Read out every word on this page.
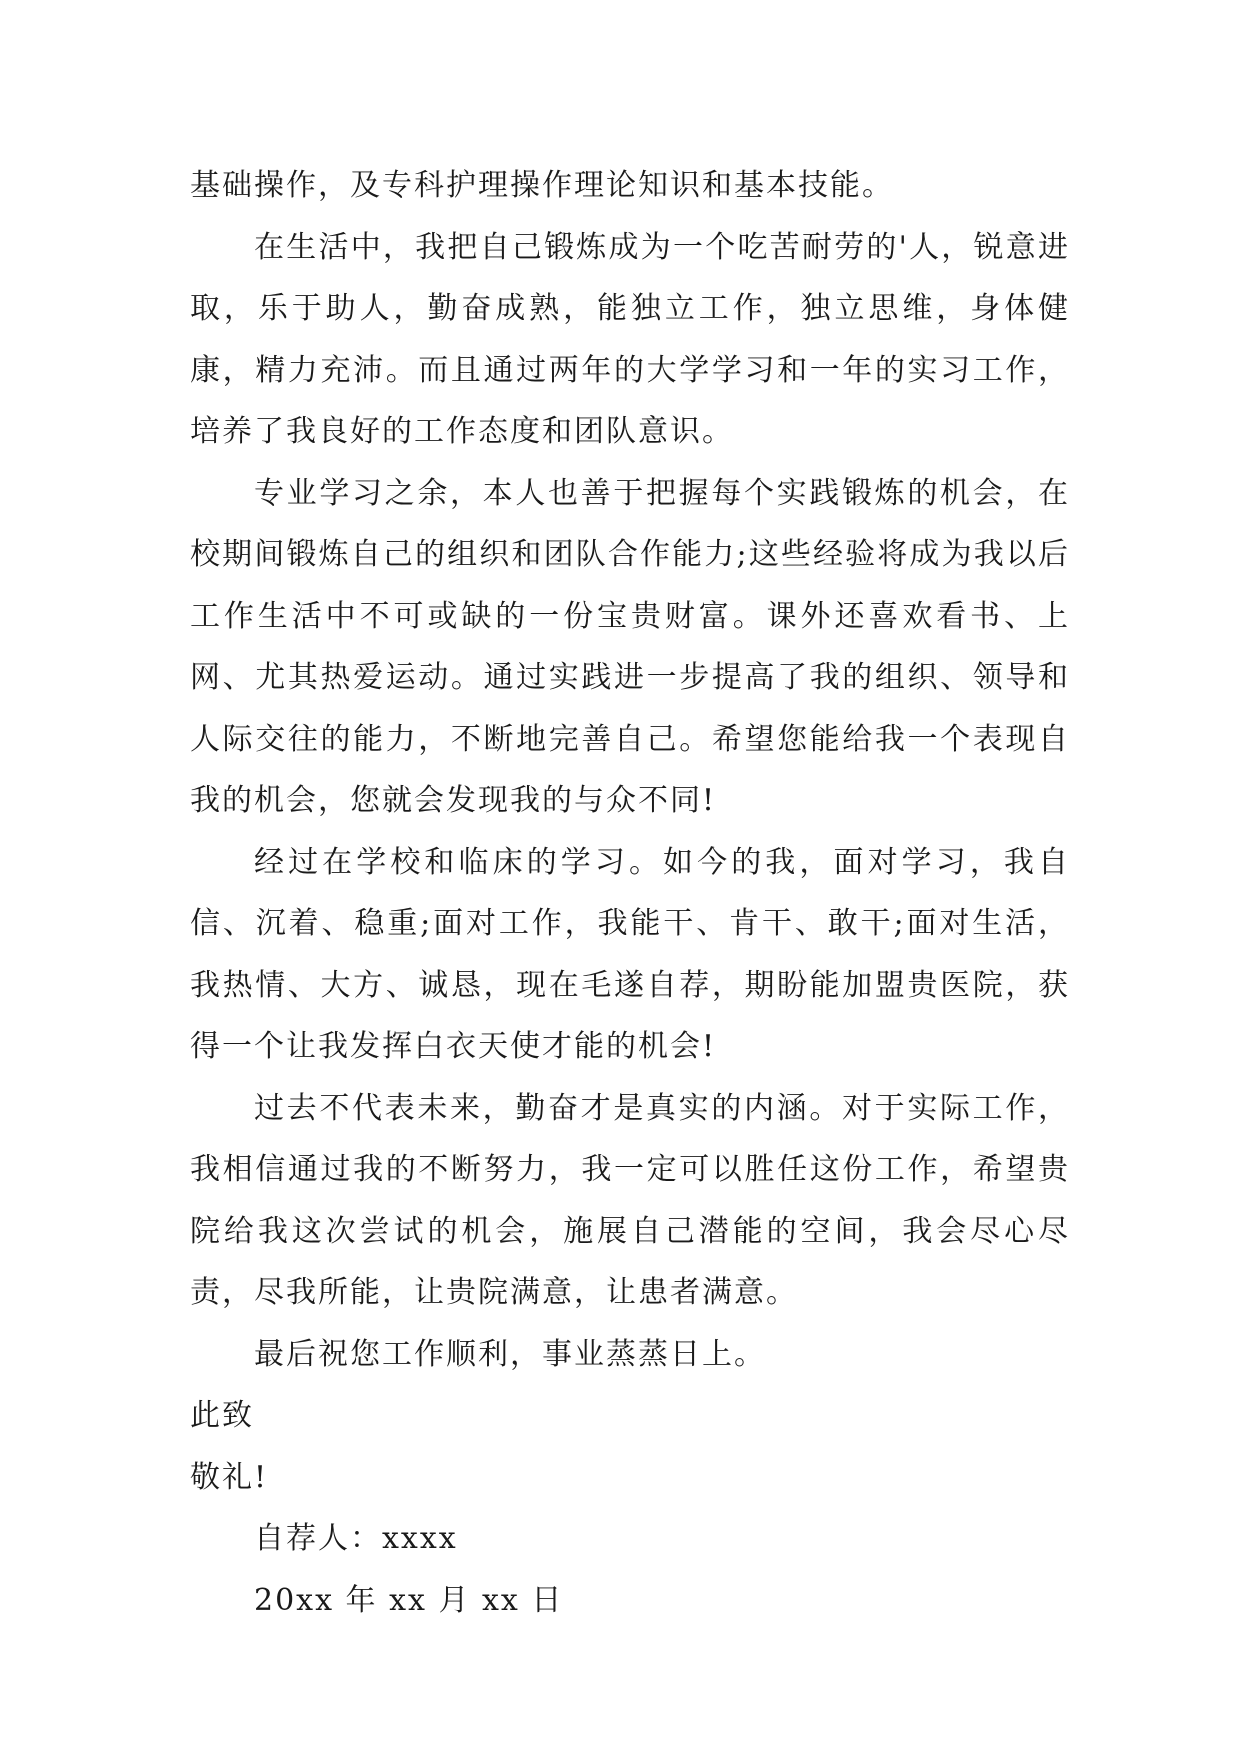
基础操作，及专科护理操作理论知识和基本技能。

在生活中，我把自己锻炼成为一个吃苦耐劳的'人，锐意进取，乐于助人，勤奋成熟，能独立工作，独立思维，身体健康，精力充沛。而且通过两年的大学学习和一年的实习工作，培养了我良好的工作态度和团队意识。

专业学习之余，本人也善于把握每个实践锻炼的机会，在校期间锻炼自己的组织和团队合作能力;这些经验将成为我以后工作生活中不可或缺的一份宝贵财富。课外还喜欢看书、上网、尤其热爱运动。通过实践进一步提高了我的组织、领导和人际交往的能力，不断地完善自己。希望您能给我一个表现自我的机会，您就会发现我的与众不同!

经过在学校和临床的学习。如今的我，面对学习，我自信、沉着、稳重;面对工作，我能干、肯干、敢干;面对生活，我热情、大方、诚恳，现在毛遂自荐，期盼能加盟贵医院，获得一个让我发挥白衣天使才能的机会!

过去不代表未来，勤奋才是真实的内涵。对于实际工作，我相信通过我的不断努力，我一定可以胜任这份工作，希望贵院给我这次尝试的机会，施展自己潜能的空间，我会尽心尽责，尽我所能，让贵院满意，让患者满意。

最后祝您工作顺利，事业蒸蒸日上。

此致

敬礼!

自荐人：xxxx

20xx 年 xx 月 xx 日
